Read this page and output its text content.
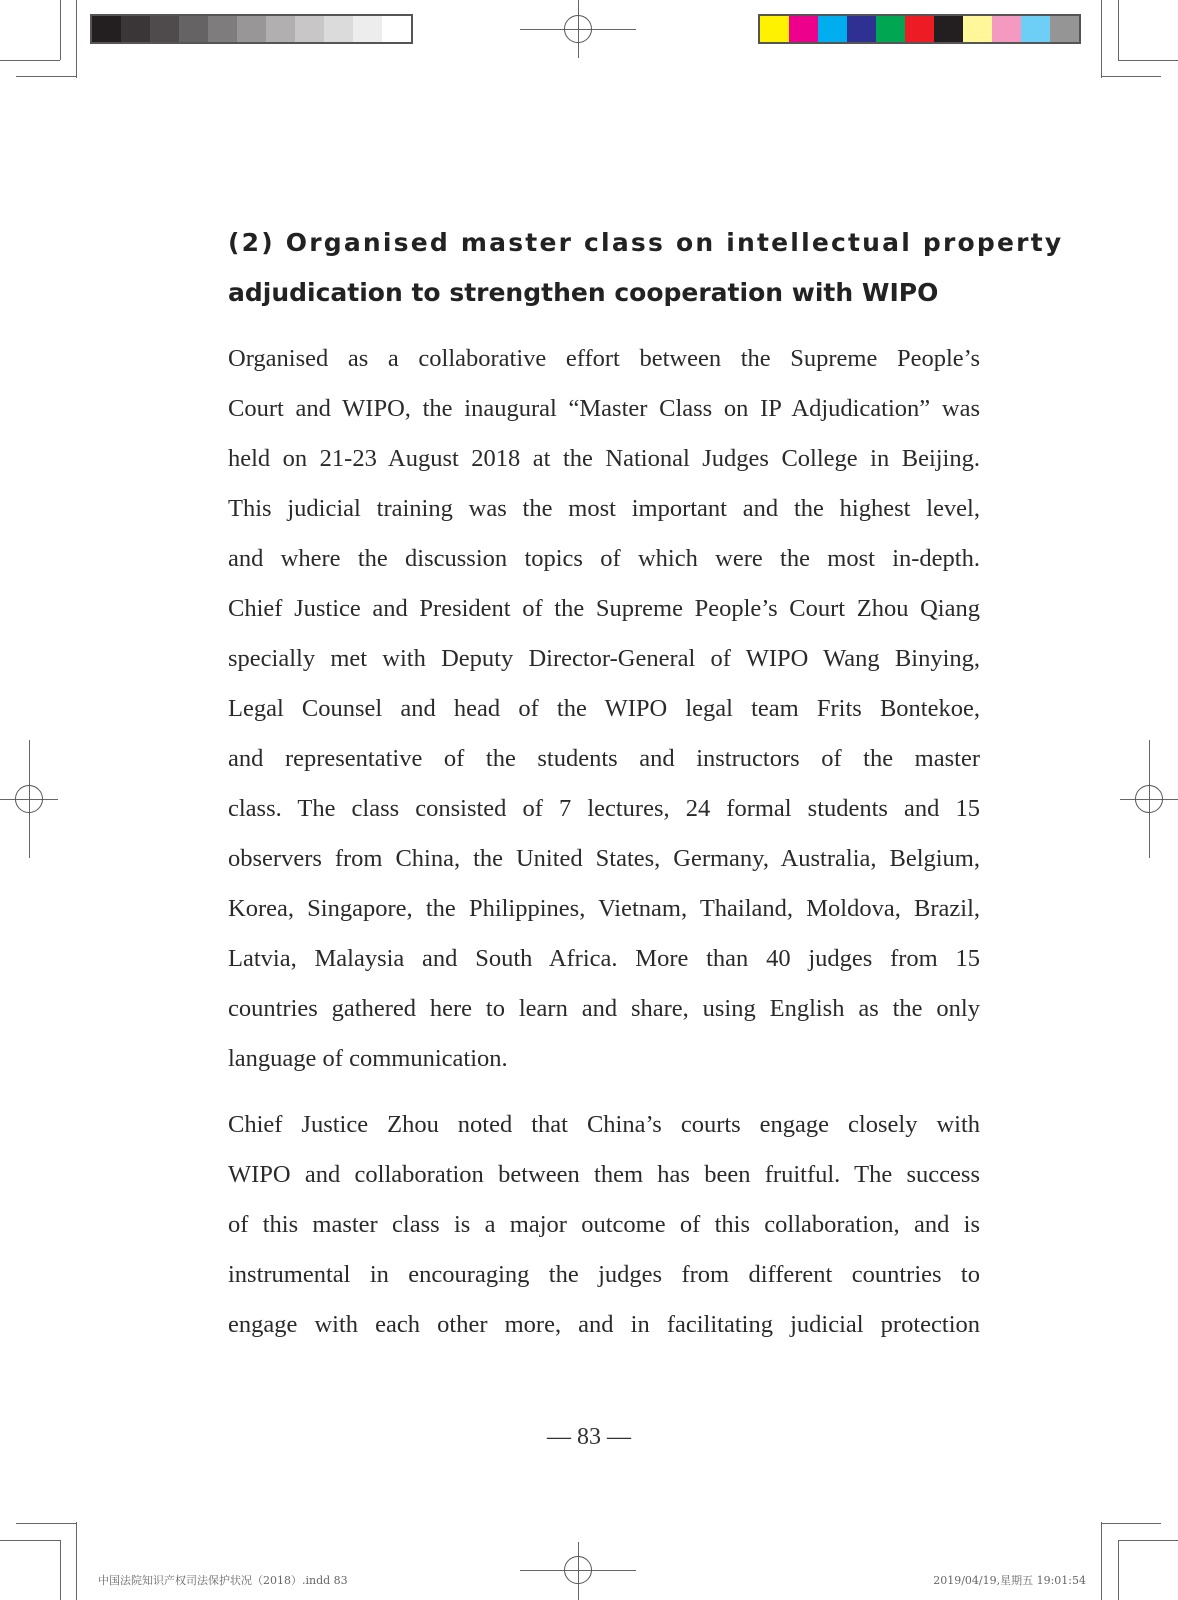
(2) Organised master class on intellectual property
adjudication to strengthen cooperation with WIPO
Organised as a collaborative effort between the Supreme People’s
Court and WIPO, the inaugural “Master Class on IP Adjudication” was
held on 21-23 August 2018 at the National Judges College in Beijing.
This judicial training was the most important and the highest level,
and where the discussion topics of which were the most in-depth.
Chief Justice and President of the Supreme People’s Court Zhou Qiang
specially met with Deputy Director-General of WIPO Wang Binying,
Legal Counsel and head of the WIPO legal team Frits Bontekoe,
and representative of the students and instructors of the master
class. The class consisted of 7 lectures, 24 formal students and 15
observers from China, the United States, Germany, Australia, Belgium,
Korea, Singapore, the Philippines, Vietnam, Thailand, Moldova, Brazil,
Latvia, Malaysia and South Africa. More than 40 judges from 15
countries gathered here to learn and share, using English as the only
language of communication.
Chief Justice Zhou noted that China’s courts engage closely with
WIPO and collaboration between them has been fruitful. The success
of this master class is a major outcome of this collaboration, and is
instrumental in encouraging the judges from different countries to
engage with each other more, and in facilitating judicial protection
— 83 —
中国法院知识产权司法保护状况（2018）.indd 83	2019/04/19,星期五 19:01:54
